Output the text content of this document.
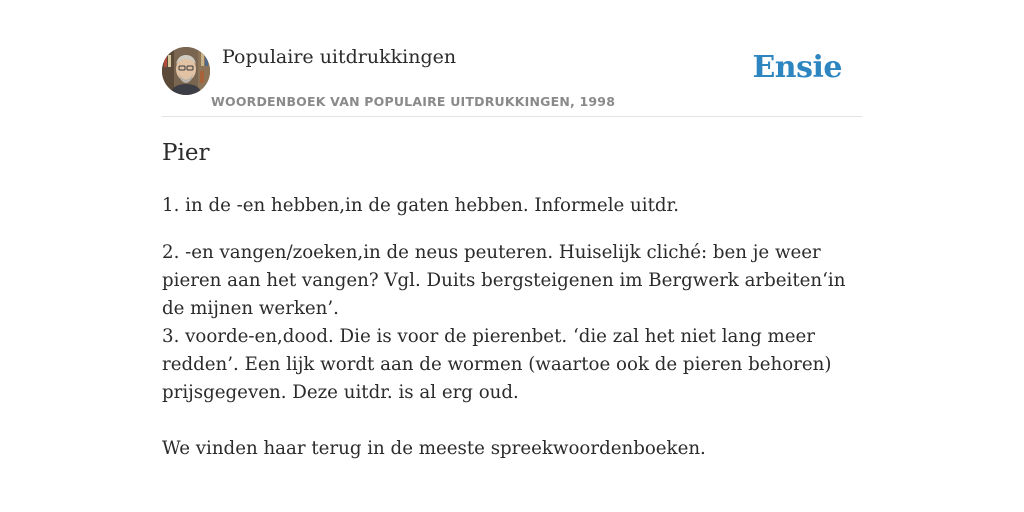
Populaire uitdrukkingen
WOORDENBOEK VAN POPULAIRE UITDRUKKINGEN, 1998
Ensie
Pier

1. in de -en hebben,in de gaten hebben. Informele uitdr.

2. -en vangen/zoeken,in de neus peuteren. Huiselijk cliché: ben je weer pieren aan het vangen? Vgl. Duits bergsteigenen im Bergwerk arbeiten‘in de mijnen werken’.

3. voorde-en,dood. Die is voor de pierenbet. ‘die zal het niet lang meer redden’. Een lijk wordt aan de wormen (waartoe ook de pieren behoren) prijsgegeven. Deze uitdr. is al erg oud.

We vinden haar terug in de meeste spreekwoordenboeken.
